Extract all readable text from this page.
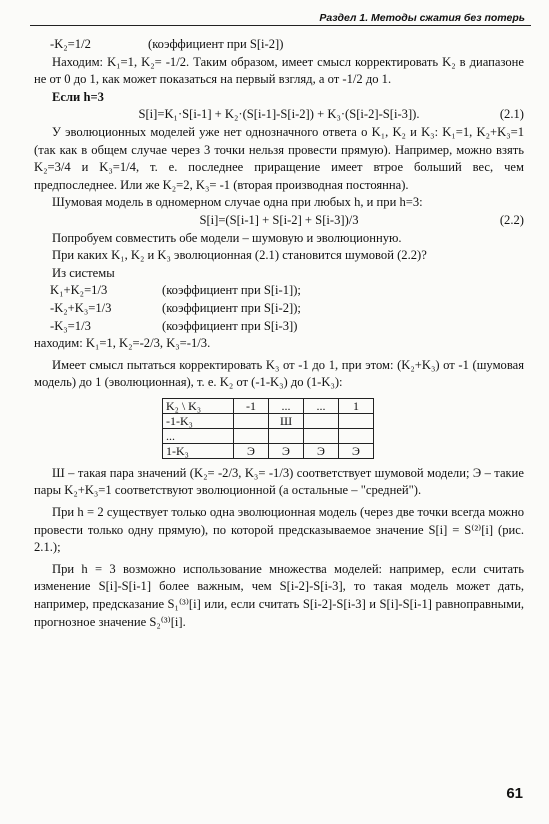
Раздел 1. Методы сжатия без потерь
-K₂=1/2	(коэффициент при S[i-2])

Находим: K₁=1, K₂= -1/2. Таким образом, имеет смысл корректировать K₂ в диапазоне не от 0 до 1, как может показаться на первый взгляд, а от -1/2 до 1.

Если h=3

S[i]=K₁·S[i-1] + K₂·(S[i-1]-S[i-2]) + K₃·(S[i-2]-S[i-3]).	(2.1)

У эволюционных моделей уже нет однозначного ответа о K₁, K₂ и K₃: K₁=1, K₂+K₃=1 (так как в общем случае через 3 точки нельзя провести прямую). Например, можно взять K₂=3/4 и K₃=1/4, т. е. последнее приращение имеет втрое больший вес, чем предпоследнее. Или же K₂=2, K₃= -1 (вторая производная постоянна).

Шумовая модель в одномерном случае одна при любых h, и при h=3:

S[i]=(S[i-1] + S[i-2] + S[i-3])/3	(2.2)

Попробуем совместить обе модели – шумовую и эволюционную.

При каких K₁, K₂ и K₃ эволюционная (2.1) становится шумовой (2.2)?

Из системы

K₁+K₂=1/3	(коэффициент при S[i-1]);
-K₂+K₃=1/3	(коэффициент при S[i-2]);
-K₃=1/3	(коэффициент при S[i-3])

находим: K₁=1, K₂=-2/3, K₃=-1/3.

Имеет смысл пытаться корректировать K₃ от -1 до 1, при этом: (K₂+K₃) от -1 (шумовая модель) до 1 (эволюционная), т. е. K₂ от (-1-K₃) до (1-K₃):

K₂ \ K₃	-1	...	...	1
-1-K₃		Ш		
...				
1-K₃	Э	Э	Э	Э

Ш – такая пара значений (K₂= -2/3, K₃= -1/3) соответствует шумовой модели; Э – такие пары K₂+K₃=1 соответствуют эволюционной (а остальные – "средней").

При h = 2 существует только одна эволюционная модель (через две точки всегда можно провести только одну прямую), по которой предсказываемое значение S[i] = S⁽²⁾[i] (рис. 2.1.);

При h = 3 возможно использование множества моделей: например, если считать изменение S[i]-S[i-1] более важным, чем S[i-2]-S[i-3], то такая модель может дать, например, предсказание S₁⁽³⁾[i] или, если считать S[i-2]-S[i-3] и S[i]-S[i-1] равноправными, прогнозное значение S₂⁽³⁾[i].

61
